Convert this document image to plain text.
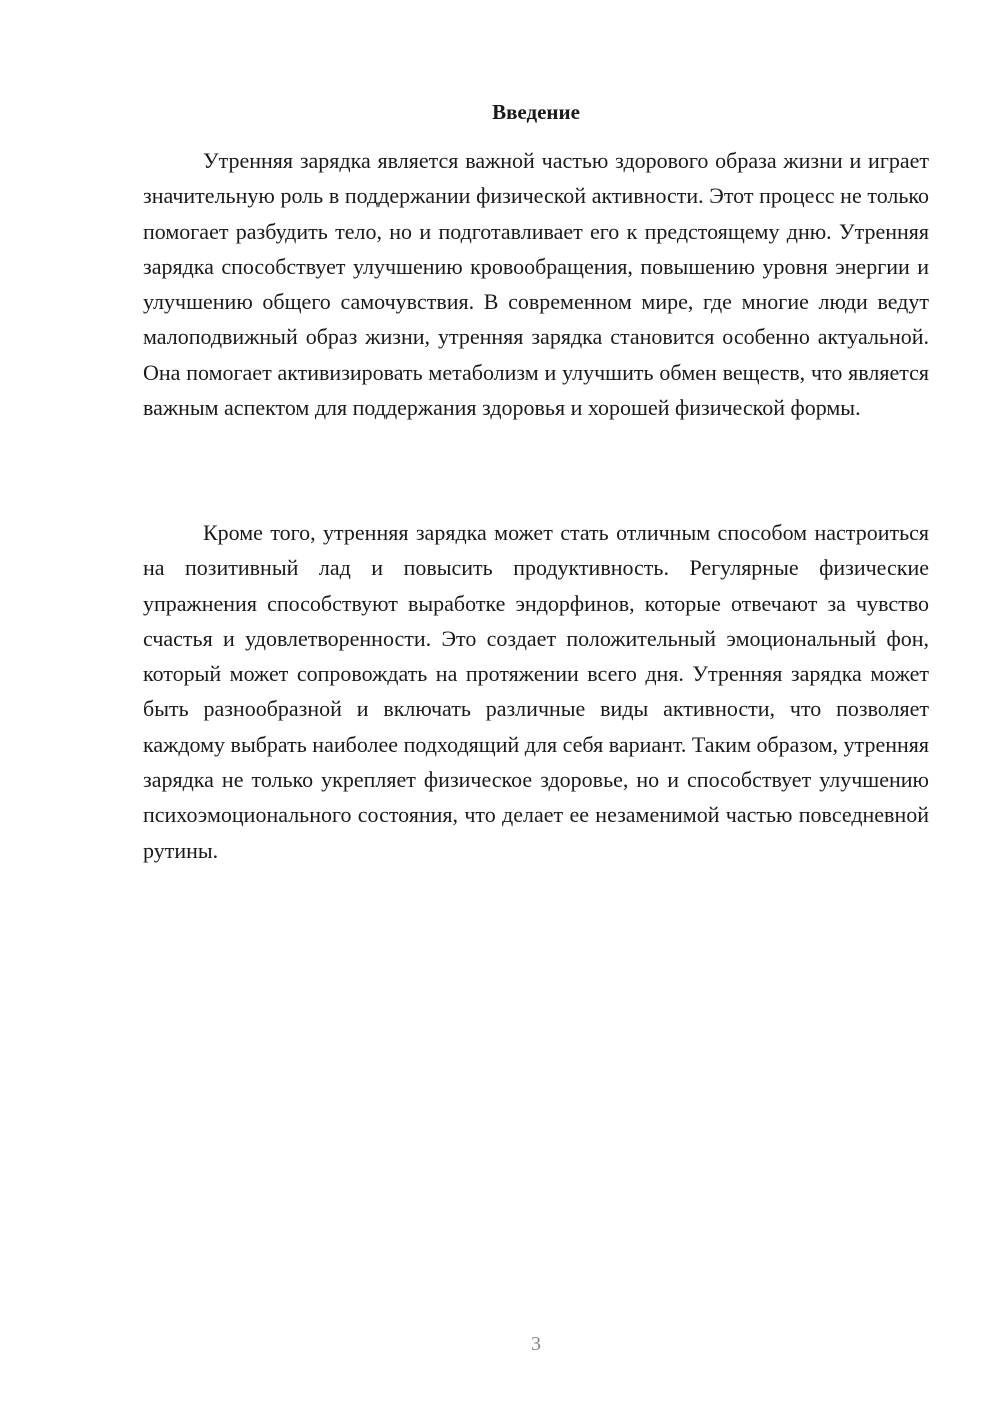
Введение

Утренняя зарядка является важной частью здорового образа жизни и играет значительную роль в поддержании физической активности. Этот процесс не только помогает разбудить тело, но и подготавливает его к предстоящему дню. Утренняя зарядка способствует улучшению кровообращения, повышению уровня энергии и улучшению общего самочувствия. В современном мире, где многие люди ведут малоподвижный образ жизни, утренняя зарядка становится особенно актуальной. Она помогает активизировать метаболизм и улучшить обмен веществ, что является важным аспектом для поддержания здоровья и хорошей физической формы.

Кроме того, утренняя зарядка может стать отличным способом настроиться на позитивный лад и повысить продуктивность. Регулярные физические упражнения способствуют выработке эндорфинов, которые отвечают за чувство счастья и удовлетворенности. Это создает положительный эмоциональный фон, который может сопровождать на протяжении всего дня. Утренняя зарядка может быть разнообразной и включать различные виды активности, что позволяет каждому выбрать наиболее подходящий для себя вариант. Таким образом, утренняя зарядка не только укрепляет физическое здоровье, но и способствует улучшению психоэмоционального состояния, что делает ее незаменимой частью повседневной рутины.

3
